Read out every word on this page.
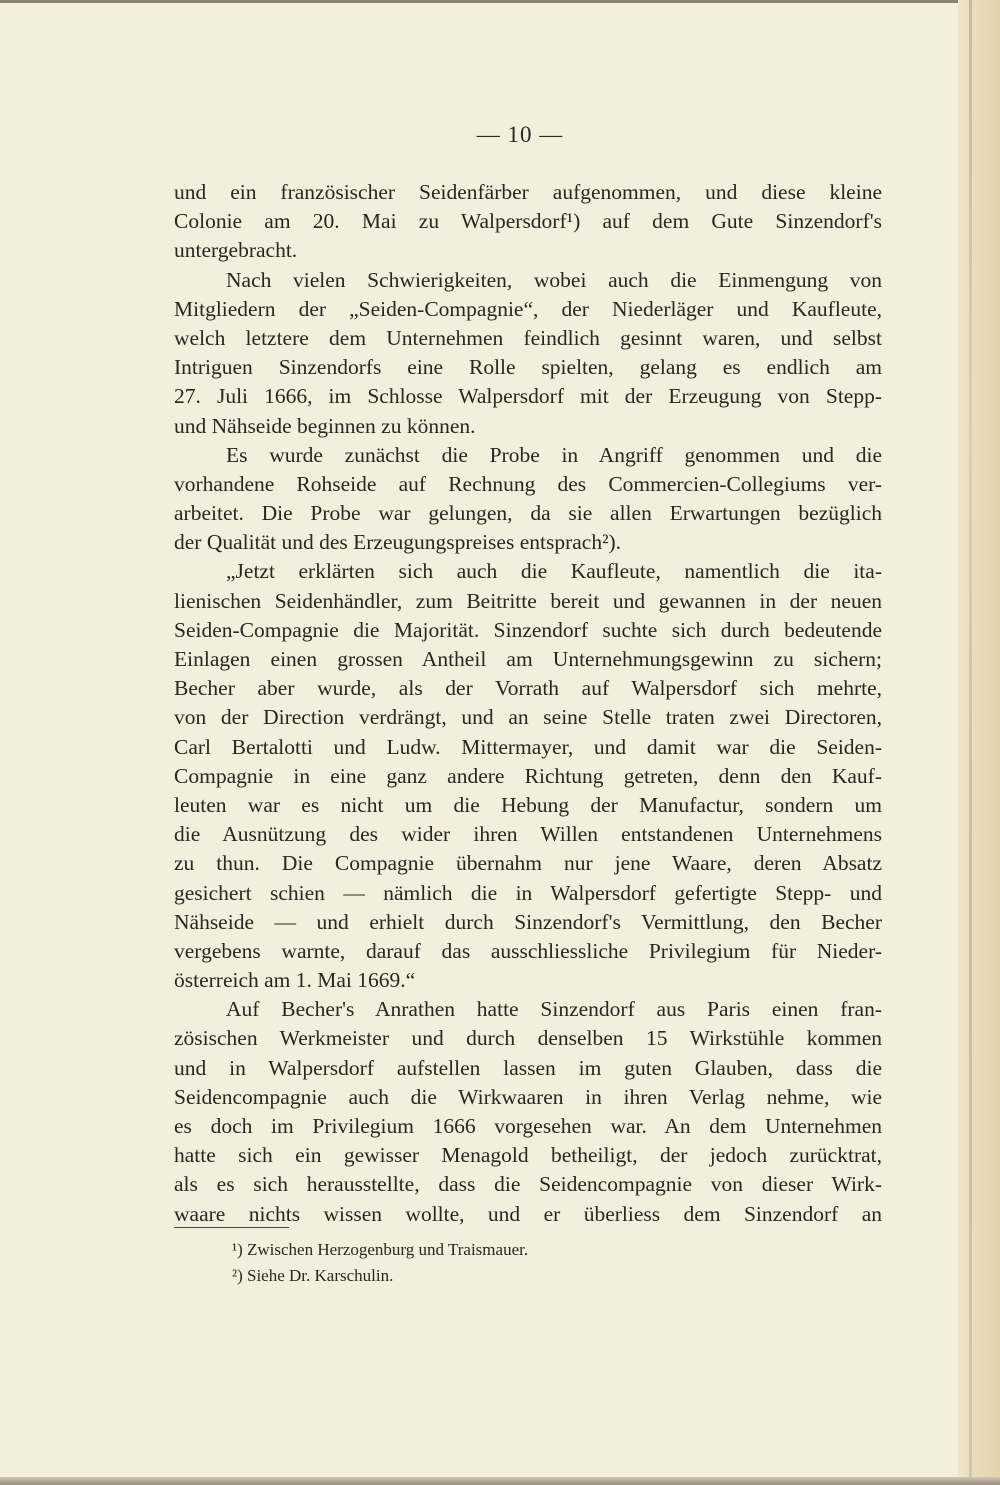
— 10 —
und ein französischer Seidenfärber aufgenommen, und diese kleine
Colonie am 20. Mai zu Walpersdorf¹) auf dem Gute Sinzendorf's
untergebracht.
Nach vielen Schwierigkeiten, wobei auch die Einmengung von
Mitgliedern der „Seiden-Compagnie“, der Niederläger und Kaufleute,
welch letztere dem Unternehmen feindlich gesinnt waren, und selbst
Intriguen Sinzendorfs eine Rolle spielten, gelang es endlich am
27. Juli 1666, im Schlosse Walpersdorf mit der Erzeugung von Stepp-
und Nähseide beginnen zu können.
Es wurde zunächst die Probe in Angriff genommen und die
vorhandene Rohseide auf Rechnung des Commercien-Collegiums ver-
arbeitet. Die Probe war gelungen, da sie allen Erwartungen bezüglich
der Qualität und des Erzeugungspreises entsprach²).
„Jetzt erklärten sich auch die Kaufleute, namentlich die ita-
lienischen Seidenhändler, zum Beitritte bereit und gewannen in der neuen
Seiden-Compagnie die Majorität. Sinzendorf suchte sich durch bedeutende
Einlagen einen grossen Antheil am Unternehmungsgewinn zu sichern;
Becher aber wurde, als der Vorrath auf Walpersdorf sich mehrte,
von der Direction verdrängt, und an seine Stelle traten zwei Directoren,
Carl Bertalotti und Ludw. Mittermayer, und damit war die Seiden-
Compagnie in eine ganz andere Richtung getreten, denn den Kauf-
leuten war es nicht um die Hebung der Manufactur, sondern um
die Ausnützung des wider ihren Willen entstandenen Unternehmens
zu thun. Die Compagnie übernahm nur jene Waare, deren Absatz
gesichert schien — nämlich die in Walpersdorf gefertigte Stepp- und
Nähseide — und erhielt durch Sinzendorf's Vermittlung, den Becher
vergebens warnte, darauf das ausschliessliche Privilegium für Nieder-
österreich am 1. Mai 1669.“
Auf Becher's Anrathen hatte Sinzendorf aus Paris einen fran-
zösischen Werkmeister und durch denselben 15 Wirkstühle kommen
und in Walpersdorf aufstellen lassen im guten Glauben, dass die
Seidencompagnie auch die Wirkwaaren in ihren Verlag nehme, wie
es doch im Privilegium 1666 vorgesehen war. An dem Unternehmen
hatte sich ein gewisser Menagold betheiligt, der jedoch zurücktrat,
als es sich herausstellte, dass die Seidencompagnie von dieser Wirk-
waare nichts wissen wollte, und er überliess dem Sinzendorf an
¹) Zwischen Herzogenburg und Traismauer.
²) Siehe Dr. Karschulin.
